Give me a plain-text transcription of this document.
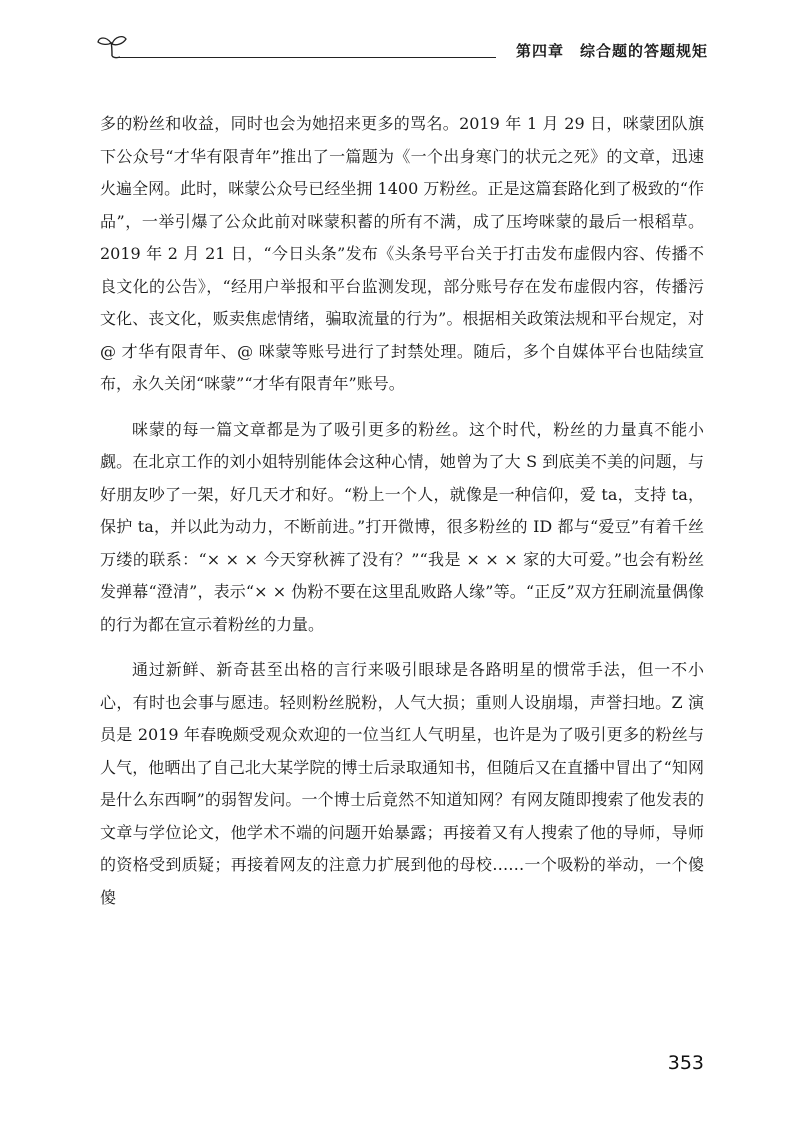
第四章 综合题的答题规矩

多的粉丝和收益，同时也会为她招来更多的骂名。2019 年 1 月 29 日，咪蒙团队旗下公众号“才华有限青年”推出了一篇题为《一个出身寒门的状元之死》的文章，迅速火遍全网。此时，咪蒙公众号已经坐拥 1400 万粉丝。正是这篇套路化到了极致的“作品”，一举引爆了公众此前对咪蒙积蓄的所有不满，成了压垮咪蒙的最后一根稻草。2019 年 2 月 21 日，“今日头条”发布《头条号平台关于打击发布虚假内容、传播不良文化的公告》，“经用户举报和平台监测发现，部分账号存在发布虚假内容，传播污文化、丧文化，贩卖焦虑情绪，骗取流量的行为”。根据相关政策法规和平台规定，对 @ 才华有限青年、@ 咪蒙等账号进行了封禁处理。随后，多个自媒体平台也陆续宣布，永久关闭“咪蒙”“才华有限青年”账号。

咪蒙的每一篇文章都是为了吸引更多的粉丝。这个时代，粉丝的力量真不能小觑。在北京工作的刘小姐特别能体会这种心情，她曾为了大 S 到底美不美的问题，与好朋友吵了一架，好几天才和好。“粉上一个人，就像是一种信仰，爱 ta，支持 ta，保护 ta，并以此为动力，不断前进。”打开微博，很多粉丝的 ID 都与“爱豆”有着千丝万缕的联系：“× × × 今天穿秋裤了没有？”“我是 × × × 家的大可爱。”也会有粉丝发弹幕“澄清”，表示“× × 伪粉不要在这里乱败路人缘”等。“正反”双方狂刷流量偶像的行为都在宣示着粉丝的力量。

通过新鲜、新奇甚至出格的言行来吸引眼球是各路明星的惯常手法，但一不小心，有时也会事与愿违。轻则粉丝脱粉，人气大损；重则人设崩塌，声誉扫地。Z 演员是 2019 年春晚颇受观众欢迎的一位当红人气明星，也许是为了吸引更多的粉丝与人气，他晒出了自己北大某学院的博士后录取通知书，但随后又在直播中冒出了“知网是什么东西啊”的弱智发问。一个博士后竟然不知道知网？有网友随即搜索了他发表的文章与学位论文，他学术不端的问题开始暴露；再接着又有人搜索了他的导师，导师的资格受到质疑；再接着网友的注意力扩展到他的母校……一个吸粉的举动，一个傻傻

353
